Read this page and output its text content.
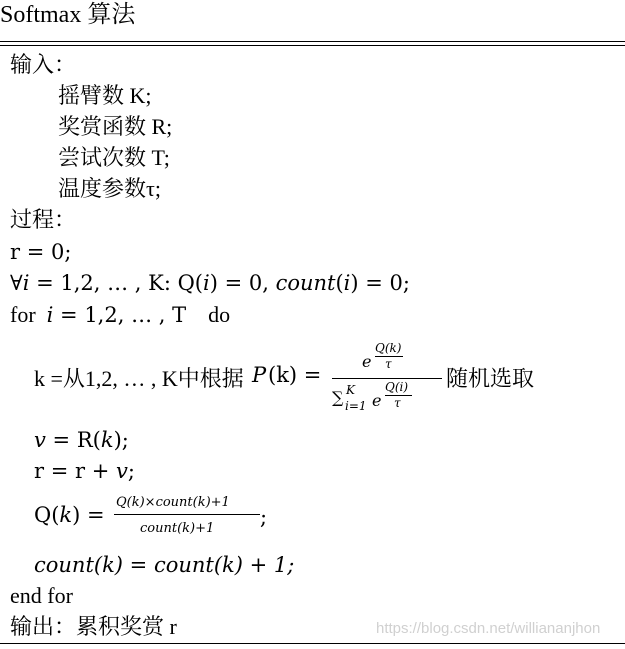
Softmax 算法
输入：
摇臂数 K;
奖赏函数 R;
尝试次数 T;
温度参数τ;
过程：
r = 0;
∀i = 1,2, … , K: Q(i) = 0, count(i) = 0;
for i = 1,2, … , T do
k =从1,2, … , K中根据 P (k) =
e
Q(k)
τ
∑ K
i=1 e
Q(i)
τ
随机选取
v = R(k);
r = r + v;
Q(k) =
Q(k)×count(k)+1
count(k)+1 ;
count(k) = count(k) + 1;
end for
输出：累积奖赏 r	https://blog.csdn.net/williananjhon
